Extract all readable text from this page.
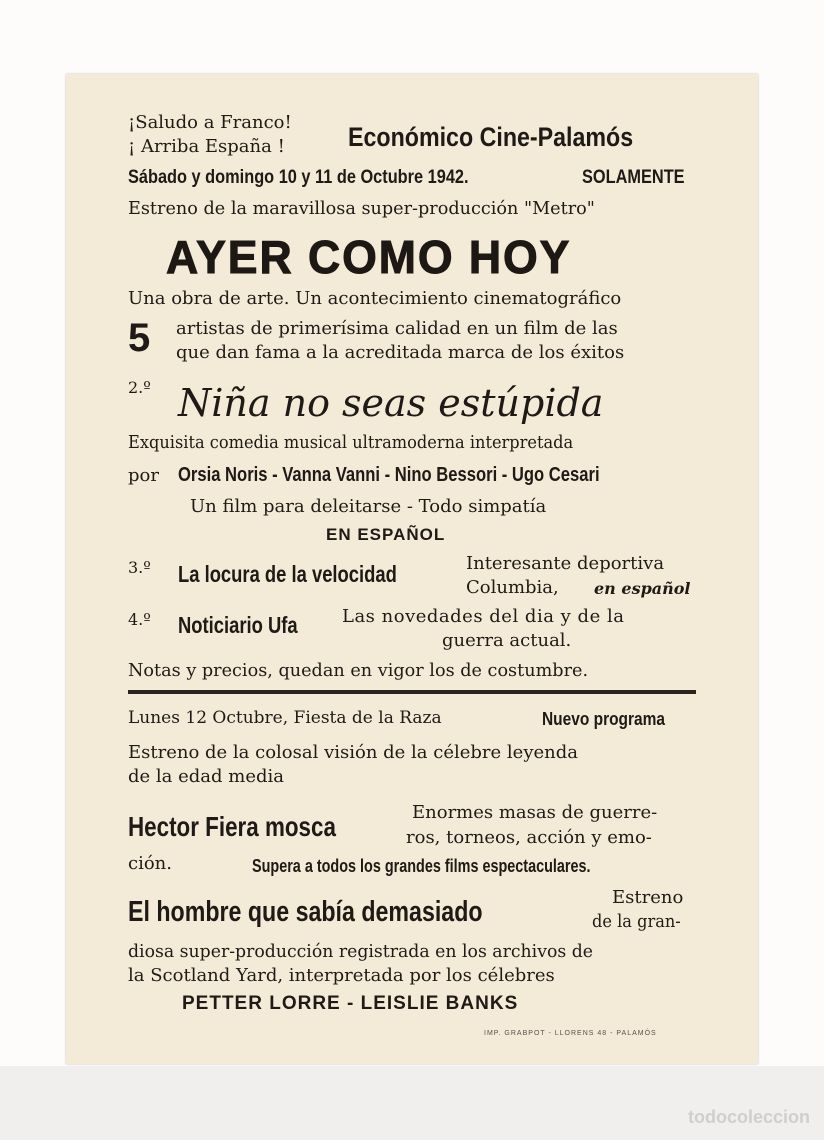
¡Saludo a Franco!
¡ Arriba España ! Económico Cine-Palamós
Sábado y domingo 10 y 11 de Octubre 1942.	SOLAMENTE
Estreno de la maravillosa super-producción "Metro"
AYER COMO HOY
Una obra de arte. Un acontecimiento cinematográfico
5 artistas de primerísima calidad en un film de las
que dan fama a la acreditada marca de los éxitos
2.º Niña no seas estúpida
Exquisita comedia musical ultramoderna interpretada
por Orsia Noris - Vanna Vanni - Nino Bessori - Ugo Cesari
Un film para deleitarse - Todo simpatía
EN ESPAÑOL
3.º La locura de la velocidad	Interesante deportiva
Columbia, en español
4.º Noticiario Ufa Las novedades del dia y de la
guerra actual.
Notas y precios, quedan en vigor los de costumbre.
Lunes 12 Octubre, Fiesta de la Raza	Nuevo programa
Estreno de la colosal visión de la célebre leyenda
de la edad media
Hector Fiera mosca	Enormes masas de guerre-
ros, torneos, acción y emo-
ción.	Supera a todos los grandes films espectaculares.
El hombre que sabía demasiado	Estreno
de la gran-
diosa super-producción registrada en los archivos de
la Scotland Yard, interpretada por los célebres
PETTER LORRE - LEISLIE BANKS
IMP. GRABPOT - LLORENS 48 - PALAMÓS
todocoleccion
